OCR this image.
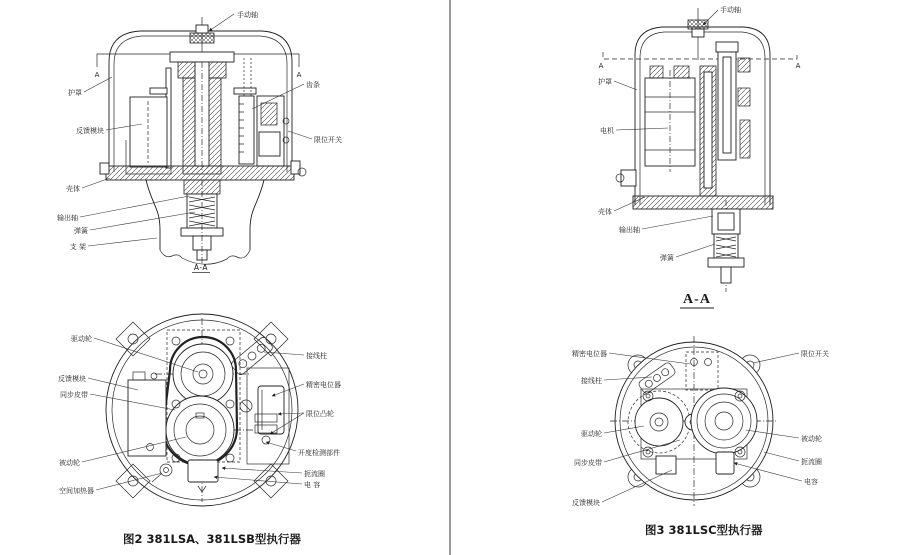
手动轴
A	A
护罩
反馈模块
齿条
限位开关
壳体
输出轴
弹簧
支 架
A-A
驱动轮
接线柱
反馈模块
精密电位器
同步皮带
限位凸轮
开度检测部件
被动轮
扼流圈
空间加热器
电 容
图2 381LSA、381LSB型执行器
手动轴
A	A
护罩
电机
壳体
输出轴
弹簧
A-A
精密电位器	限位开关
接线柱
驱动轮
被动轮
同步皮带	扼流圈
电容
反馈模块
图3 381LSC型执行器
